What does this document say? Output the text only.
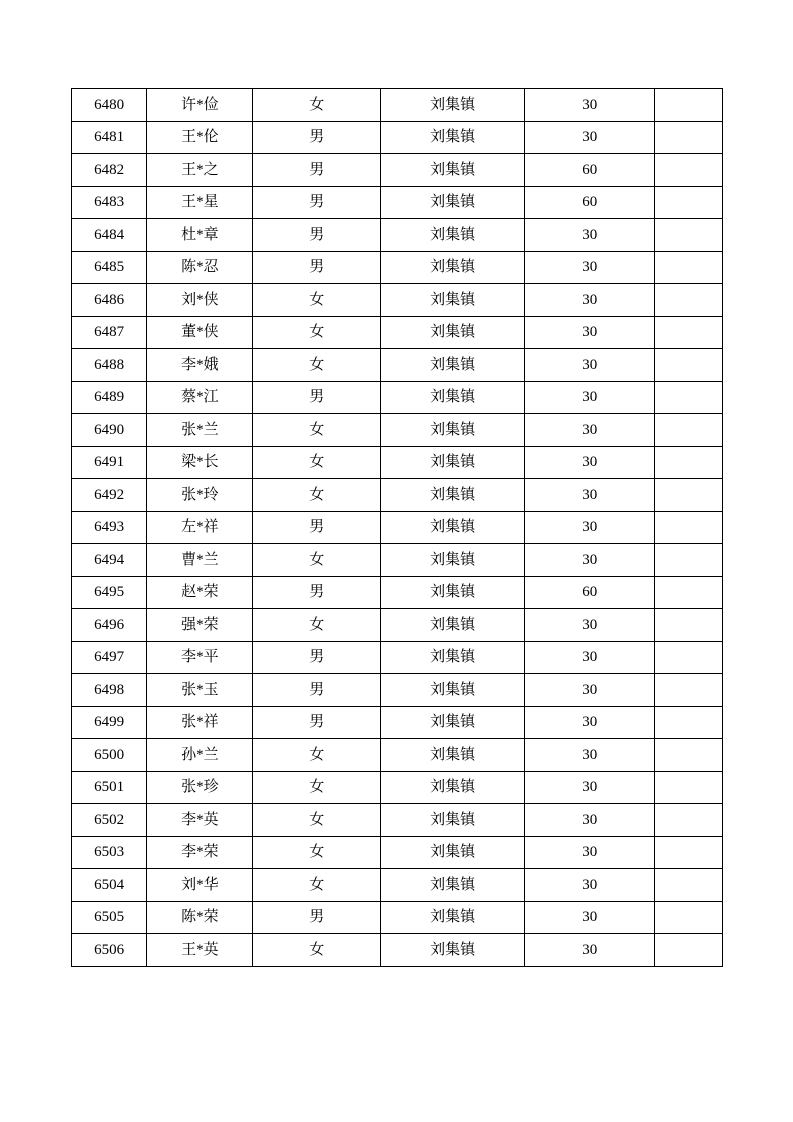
6480	许*俭	女	刘集镇	30	
6481	王*伦	男	刘集镇	30	
6482	王*之	男	刘集镇	60	
6483	王*星	男	刘集镇	60	
6484	杜*章	男	刘集镇	30	
6485	陈*忍	男	刘集镇	30	
6486	刘*侠	女	刘集镇	30	
6487	董*侠	女	刘集镇	30	
6488	李*娥	女	刘集镇	30	
6489	蔡*江	男	刘集镇	30	
6490	张*兰	女	刘集镇	30	
6491	梁*长	女	刘集镇	30	
6492	张*玲	女	刘集镇	30	
6493	左*祥	男	刘集镇	30	
6494	曹*兰	女	刘集镇	30	
6495	赵*荣	男	刘集镇	60	
6496	强*荣	女	刘集镇	30	
6497	李*平	男	刘集镇	30	
6498	张*玉	男	刘集镇	30	
6499	张*祥	男	刘集镇	30	
6500	孙*兰	女	刘集镇	30	
6501	张*珍	女	刘集镇	30	
6502	李*英	女	刘集镇	30	
6503	李*荣	女	刘集镇	30	
6504	刘*华	女	刘集镇	30	
6505	陈*荣	男	刘集镇	30	
6506	王*英	女	刘集镇	30	
